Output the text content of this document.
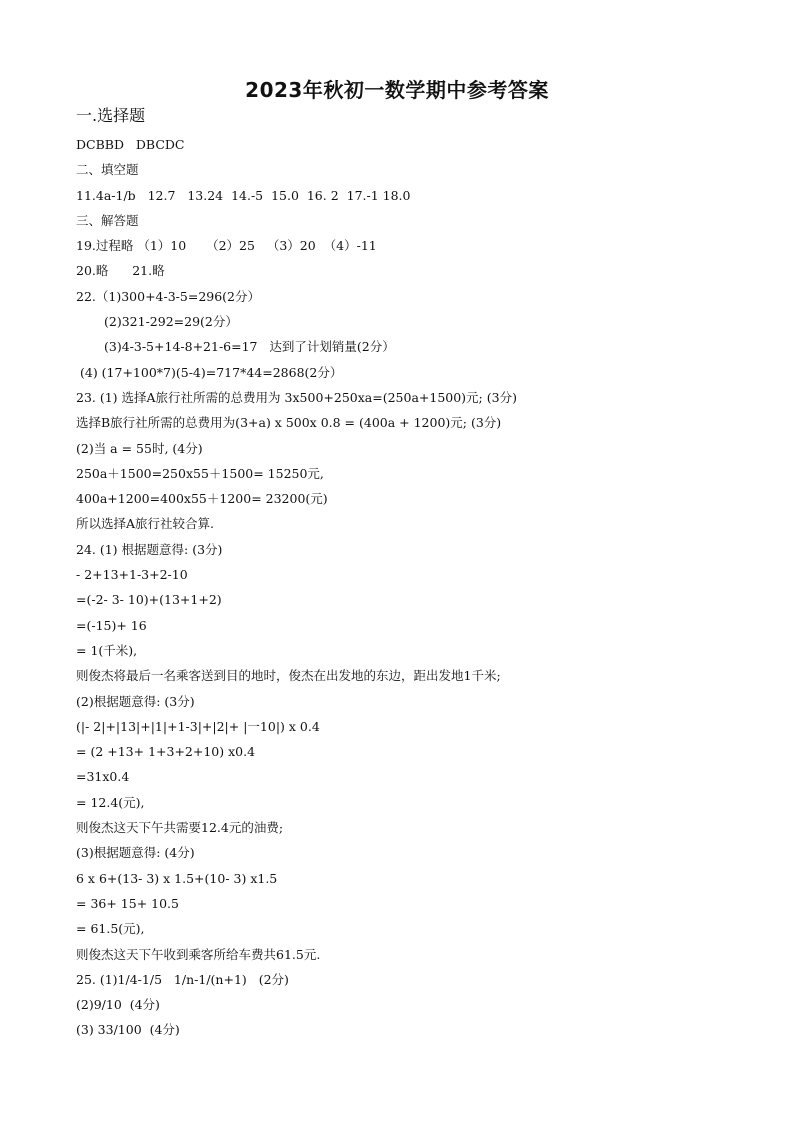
2023年秋初一数学期中参考答案
一.选择题
DCBBD   DBCDC
二、填空题
11.4a-1/b   12.7   13.24  14.-5  15.0  16. 2  17.-1 18.0
三、解答题
19.过程略 （1）10     （2）25   （3）20  （4）-11
20.略      21.略
22.（1)300+4-3-5=296(2分）
(2)321-292=29(2分）
(3)4-3-5+14-8+21-6=17   达到了计划销量(2分）
(4) (17+100*7)(5-4)=717*44=2868(2分）
23. (1) 选择A旅行社所需的总费用为 3x500+250xa=(250a+1500)元; (3分)
选择B旅行社所需的总费用为(3+a) x 500x 0.8 = (400a + 1200)元; (3分)
(2)当 a = 55时, (4分)
250a＋1500=250x55＋1500= 15250元,
400a+1200=400x55＋1200= 23200(元)
所以选择A旅行社较合算.
24. (1) 根据题意得: (3分)
- 2+13+1-3+2-10
=(-2- 3- 10)+(13+1+2)
=(-15)+ 16
= 1(千米),
则俊杰将最后一名乘客送到目的地时，俊杰在出发地的东边，距出发地1千米;
(2)根据题意得: (3分)
(|- 2|+|13|+|1|+1-3|+|2|+ |一10|) x 0.4
= (2 +13+ 1+3+2+10) x0.4
=31x0.4
= 12.4(元),
则俊杰这天下午共需要12.4元的油费;
(3)根据题意得: (4分)
6 x 6+(13- 3) x 1.5+(10- 3) x1.5
= 36+ 15+ 10.5
= 61.5(元),
则俊杰这天下午收到乘客所给车费共61.5元.
25. (1)1/4-1/5   1/n-1/(n+1)   (2分)
(2)9/10  (4分)
(3) 33/100  (4分)
